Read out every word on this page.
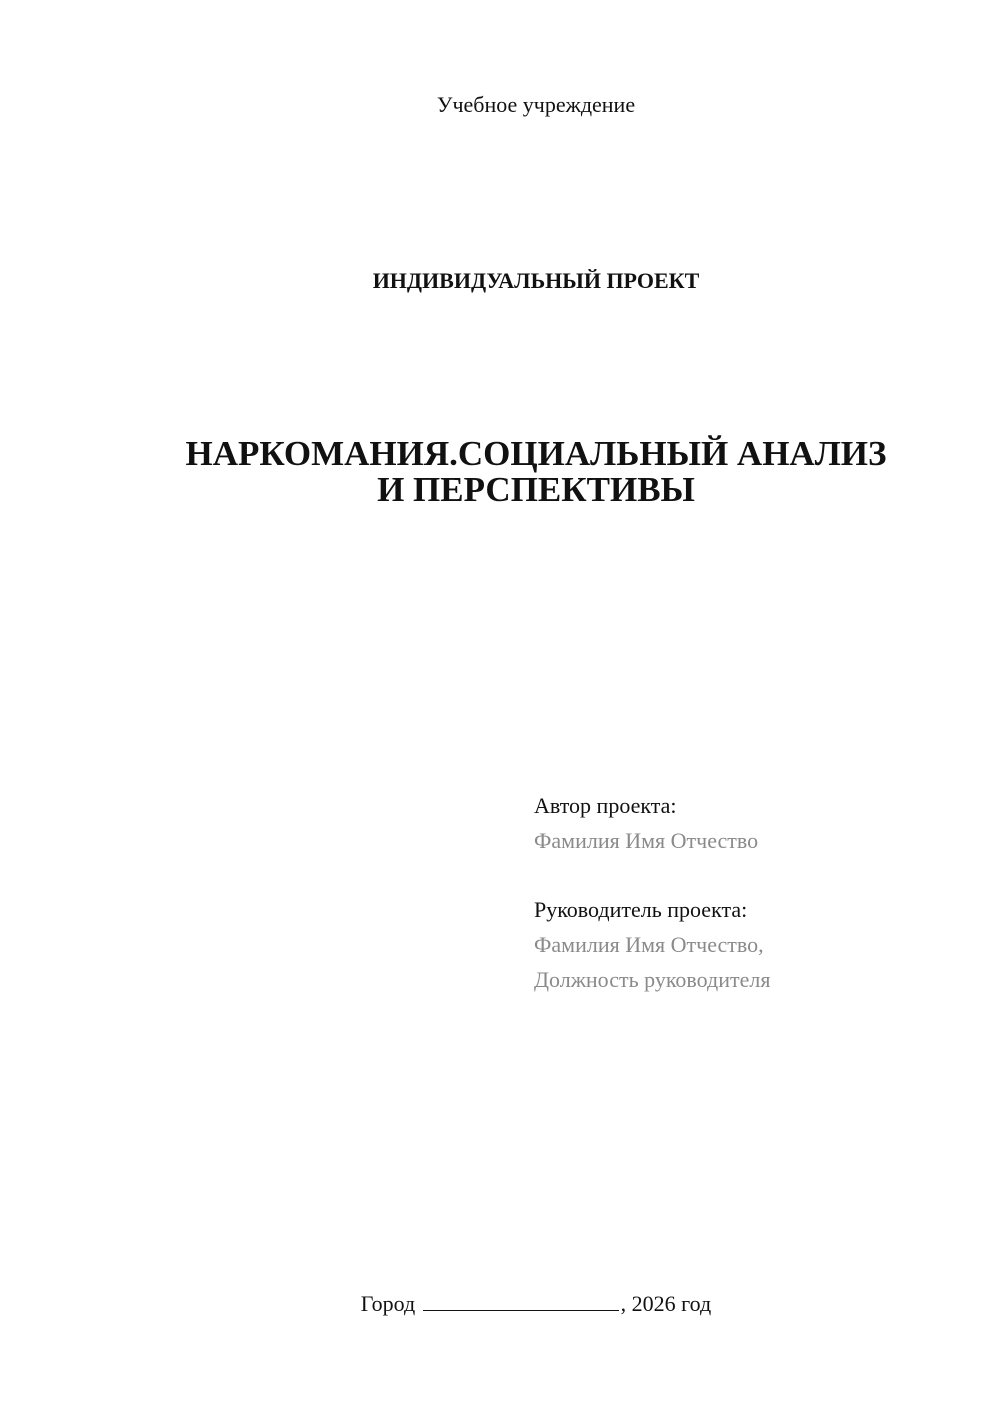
Учебное учреждение
ИНДИВИДУАЛЬНЫЙ ПРОЕКТ
НАРКОМАНИЯ.СОЦИАЛЬНЫЙ АНАЛИЗ
И ПЕРСПЕКТИВЫ
Автор проекта:
Фамилия Имя Отчество
Руководитель проекта:
Фамилия Имя Отчество,
Должность руководителя
Город	, 2026 год
